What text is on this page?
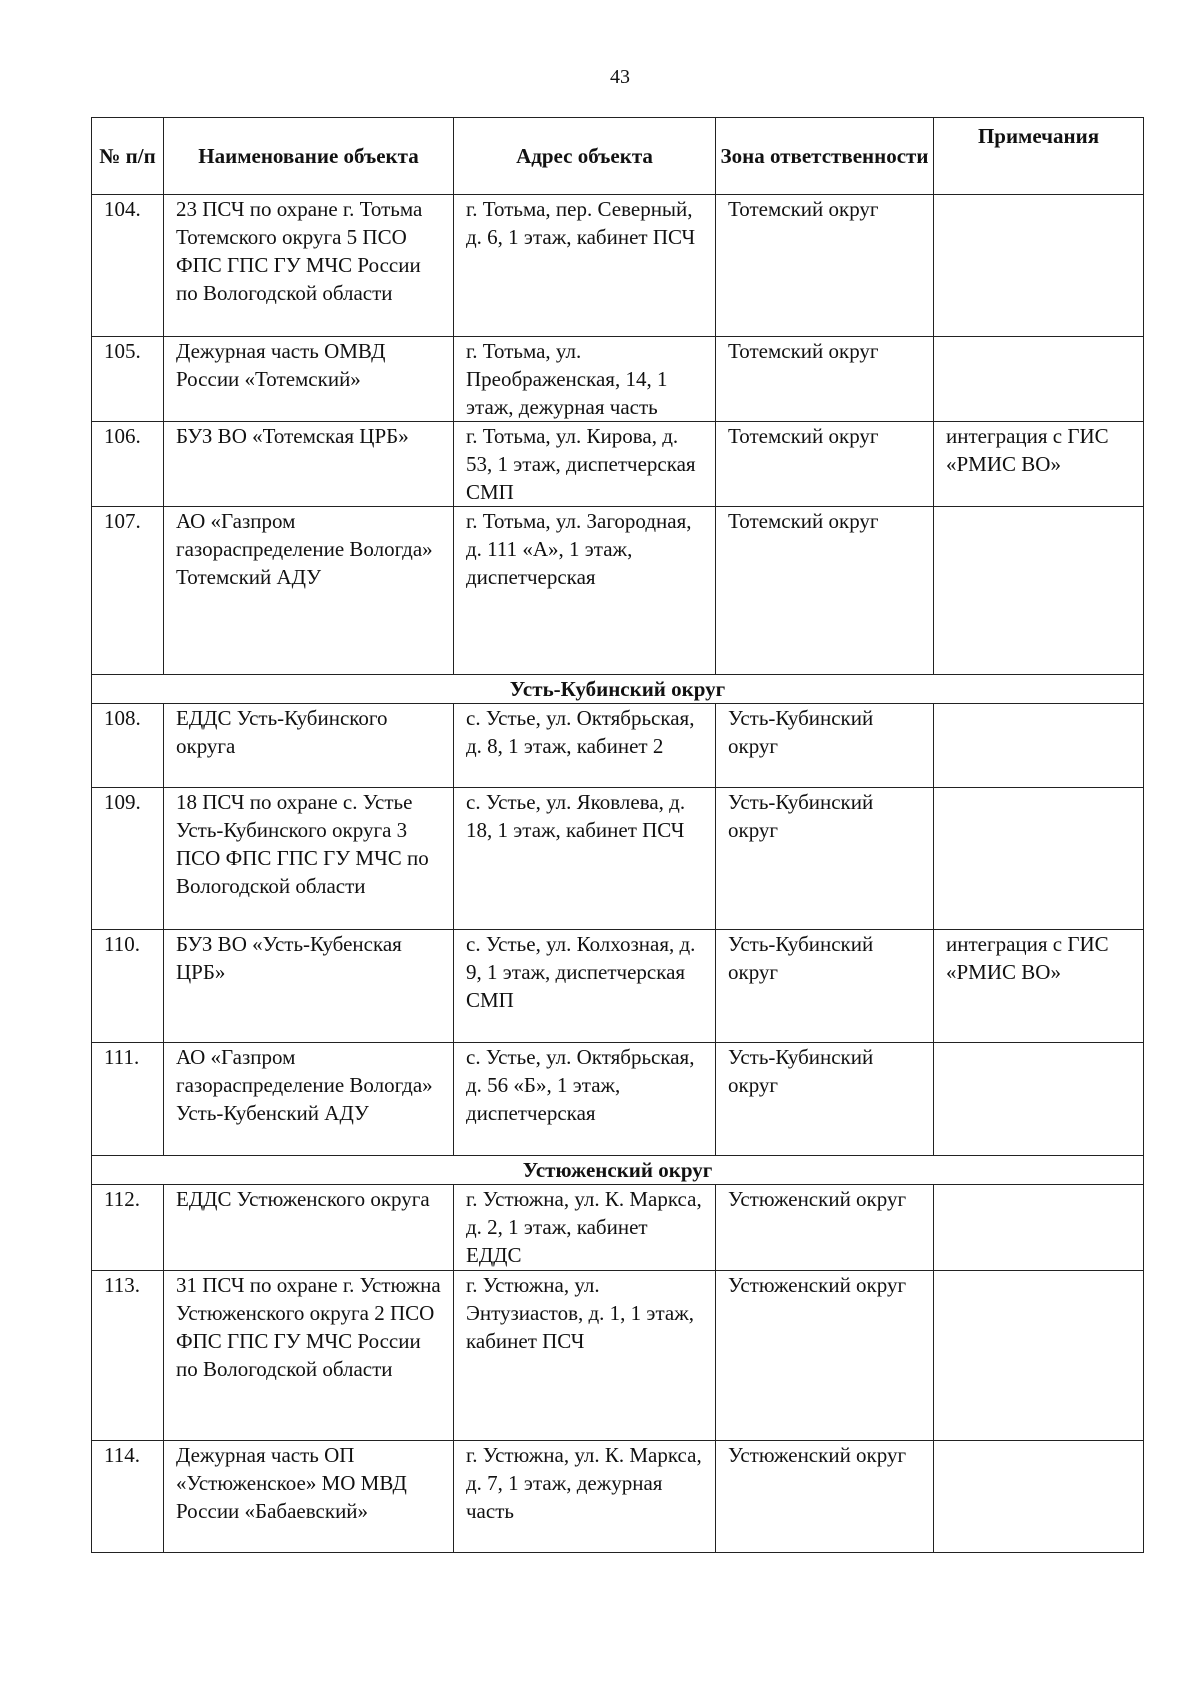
43
№ п/п	Наименование объекта	Адрес объекта	Зона ответственности	Примечания
104.	23 ПСЧ по охране г. Тотьма Тотемского округа 5 ПСО ФПС ГПС ГУ МЧС России по Вологодской области	г. Тотьма, пер. Северный, д. 6, 1 этаж, кабинет ПСЧ	Тотемский округ	
105.	Дежурная часть ОМВД России «Тотемский»	г. Тотьма, ул. Преображенская, 14, 1 этаж, дежурная часть	Тотемский округ	
106.	БУЗ ВО «Тотемская ЦРБ»	г. Тотьма, ул. Кирова, д. 53, 1 этаж, диспетчерская СМП	Тотемский округ	интеграция с ГИС «РМИС ВО»
107.	АО «Газпром газораспределение Вологда» Тотемский АДУ	г. Тотьма, ул. Загородная, д. 111 «А», 1 этаж, диспетчерская	Тотемский округ	
Усть-Кубинский округ				
108.	ЕДДС Усть-Кубинского округа	с. Устье, ул. Октябрьская, д. 8, 1 этаж, кабинет 2	Усть-Кубинский округ	
109.	18 ПСЧ по охране с. Устье Усть-Кубинского округа 3 ПСО ФПС ГПС ГУ МЧС по Вологодской области	с. Устье, ул. Яковлева, д. 18, 1 этаж, кабинет ПСЧ	Усть-Кубинский округ	
110.	БУЗ ВО «Усть-Кубенская ЦРБ»	с. Устье, ул. Колхозная, д. 9, 1 этаж, диспетчерская СМП	Усть-Кубинский округ	интеграция с ГИС «РМИС ВО»
111.	АО «Газпром газораспределение Вологда» Усть-Кубенский АДУ	с. Устье, ул. Октябрьская, д. 56 «Б», 1 этаж, диспетчерская	Усть-Кубинский округ	
Устюженский округ				
112.	ЕДДС Устюженского округа	г. Устюжна, ул. К. Маркса, д. 2, 1 этаж, кабинет ЕДДС	Устюженский округ	
113.	31 ПСЧ по охране г. Устюжна Устюженского округа 2 ПСО ФПС ГПС ГУ МЧС России по Вологодской области	г. Устюжна, ул. Энтузиастов, д. 1, 1 этаж, кабинет ПСЧ	Устюженский округ	
114.	Дежурная часть ОП «Устюженское» МО МВД России «Бабаевский»	г. Устюжна, ул. К. Маркса, д. 7, 1 этаж, дежурная часть	Устюженский округ	
